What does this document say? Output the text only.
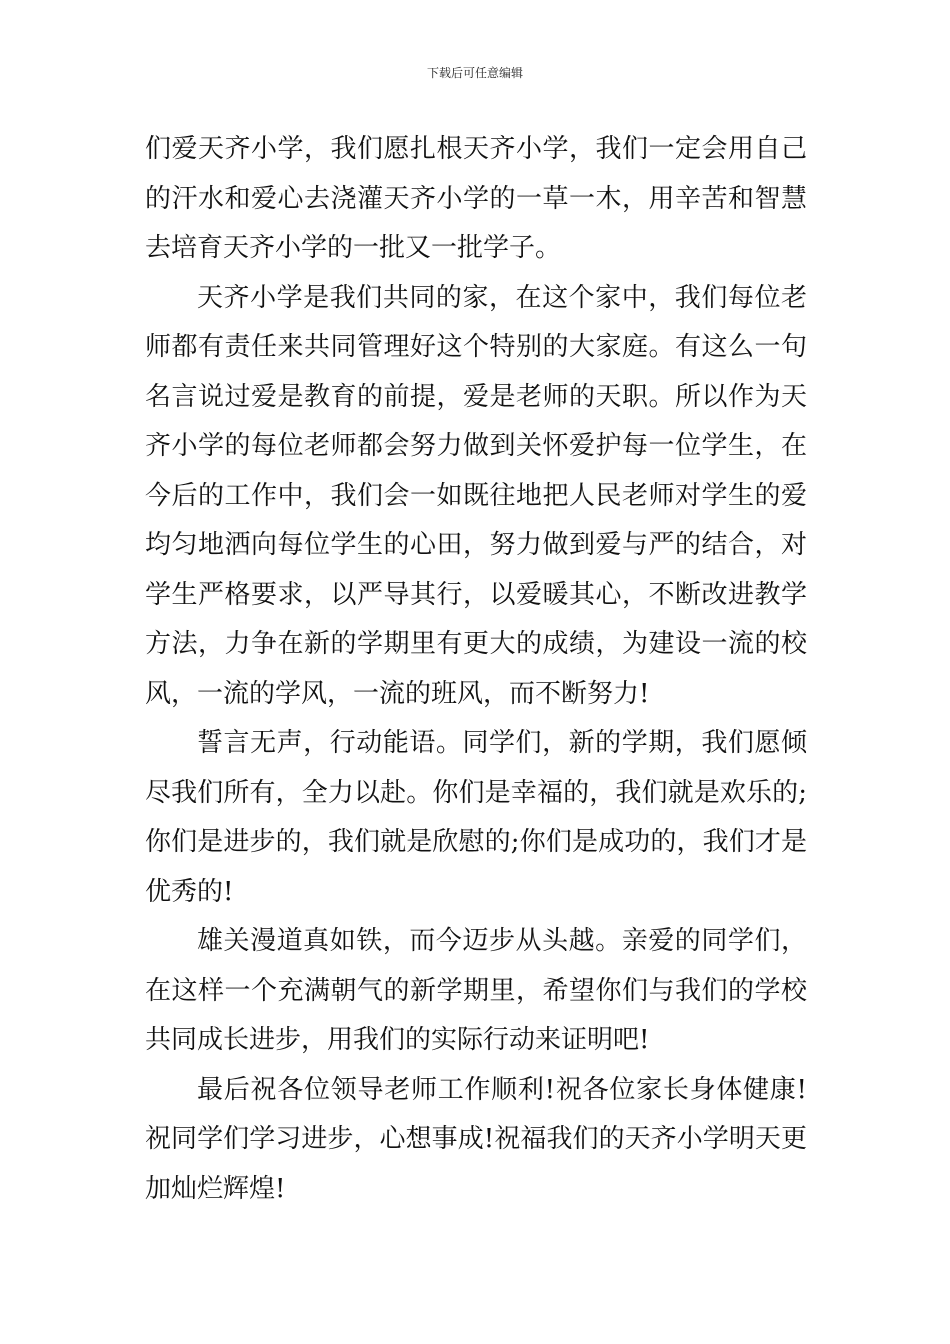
下载后可任意编辑

们爱天齐小学，我们愿扎根天齐小学，我们一定会用自己的汗水和爱心去浇灌天齐小学的一草一木，用辛苦和智慧去培育天齐小学的一批又一批学子。

天齐小学是我们共同的家，在这个家中，我们每位老师都有责任来共同管理好这个特别的大家庭。有这么一句名言说过爱是教育的前提，爱是老师的天职。所以作为天齐小学的每位老师都会努力做到关怀爱护每一位学生，在今后的工作中，我们会一如既往地把人民老师对学生的爱均匀地洒向每位学生的心田，努力做到爱与严的结合，对学生严格要求，以严导其行，以爱暖其心，不断改进教学方法，力争在新的学期里有更大的成绩，为建设一流的校风，一流的学风，一流的班风，而不断努力!

誓言无声，行动能语。同学们，新的学期，我们愿倾尽我们所有，全力以赴。你们是幸福的，我们就是欢乐的;你们是进步的，我们就是欣慰的;你们是成功的，我们才是优秀的!

雄关漫道真如铁，而今迈步从头越。亲爱的同学们，在这样一个充满朝气的新学期里，希望你们与我们的学校共同成长进步，用我们的实际行动来证明吧!

最后祝各位领导老师工作顺利!祝各位家长身体健康!祝同学们学习进步，心想事成!祝福我们的天齐小学明天更加灿烂辉煌!
